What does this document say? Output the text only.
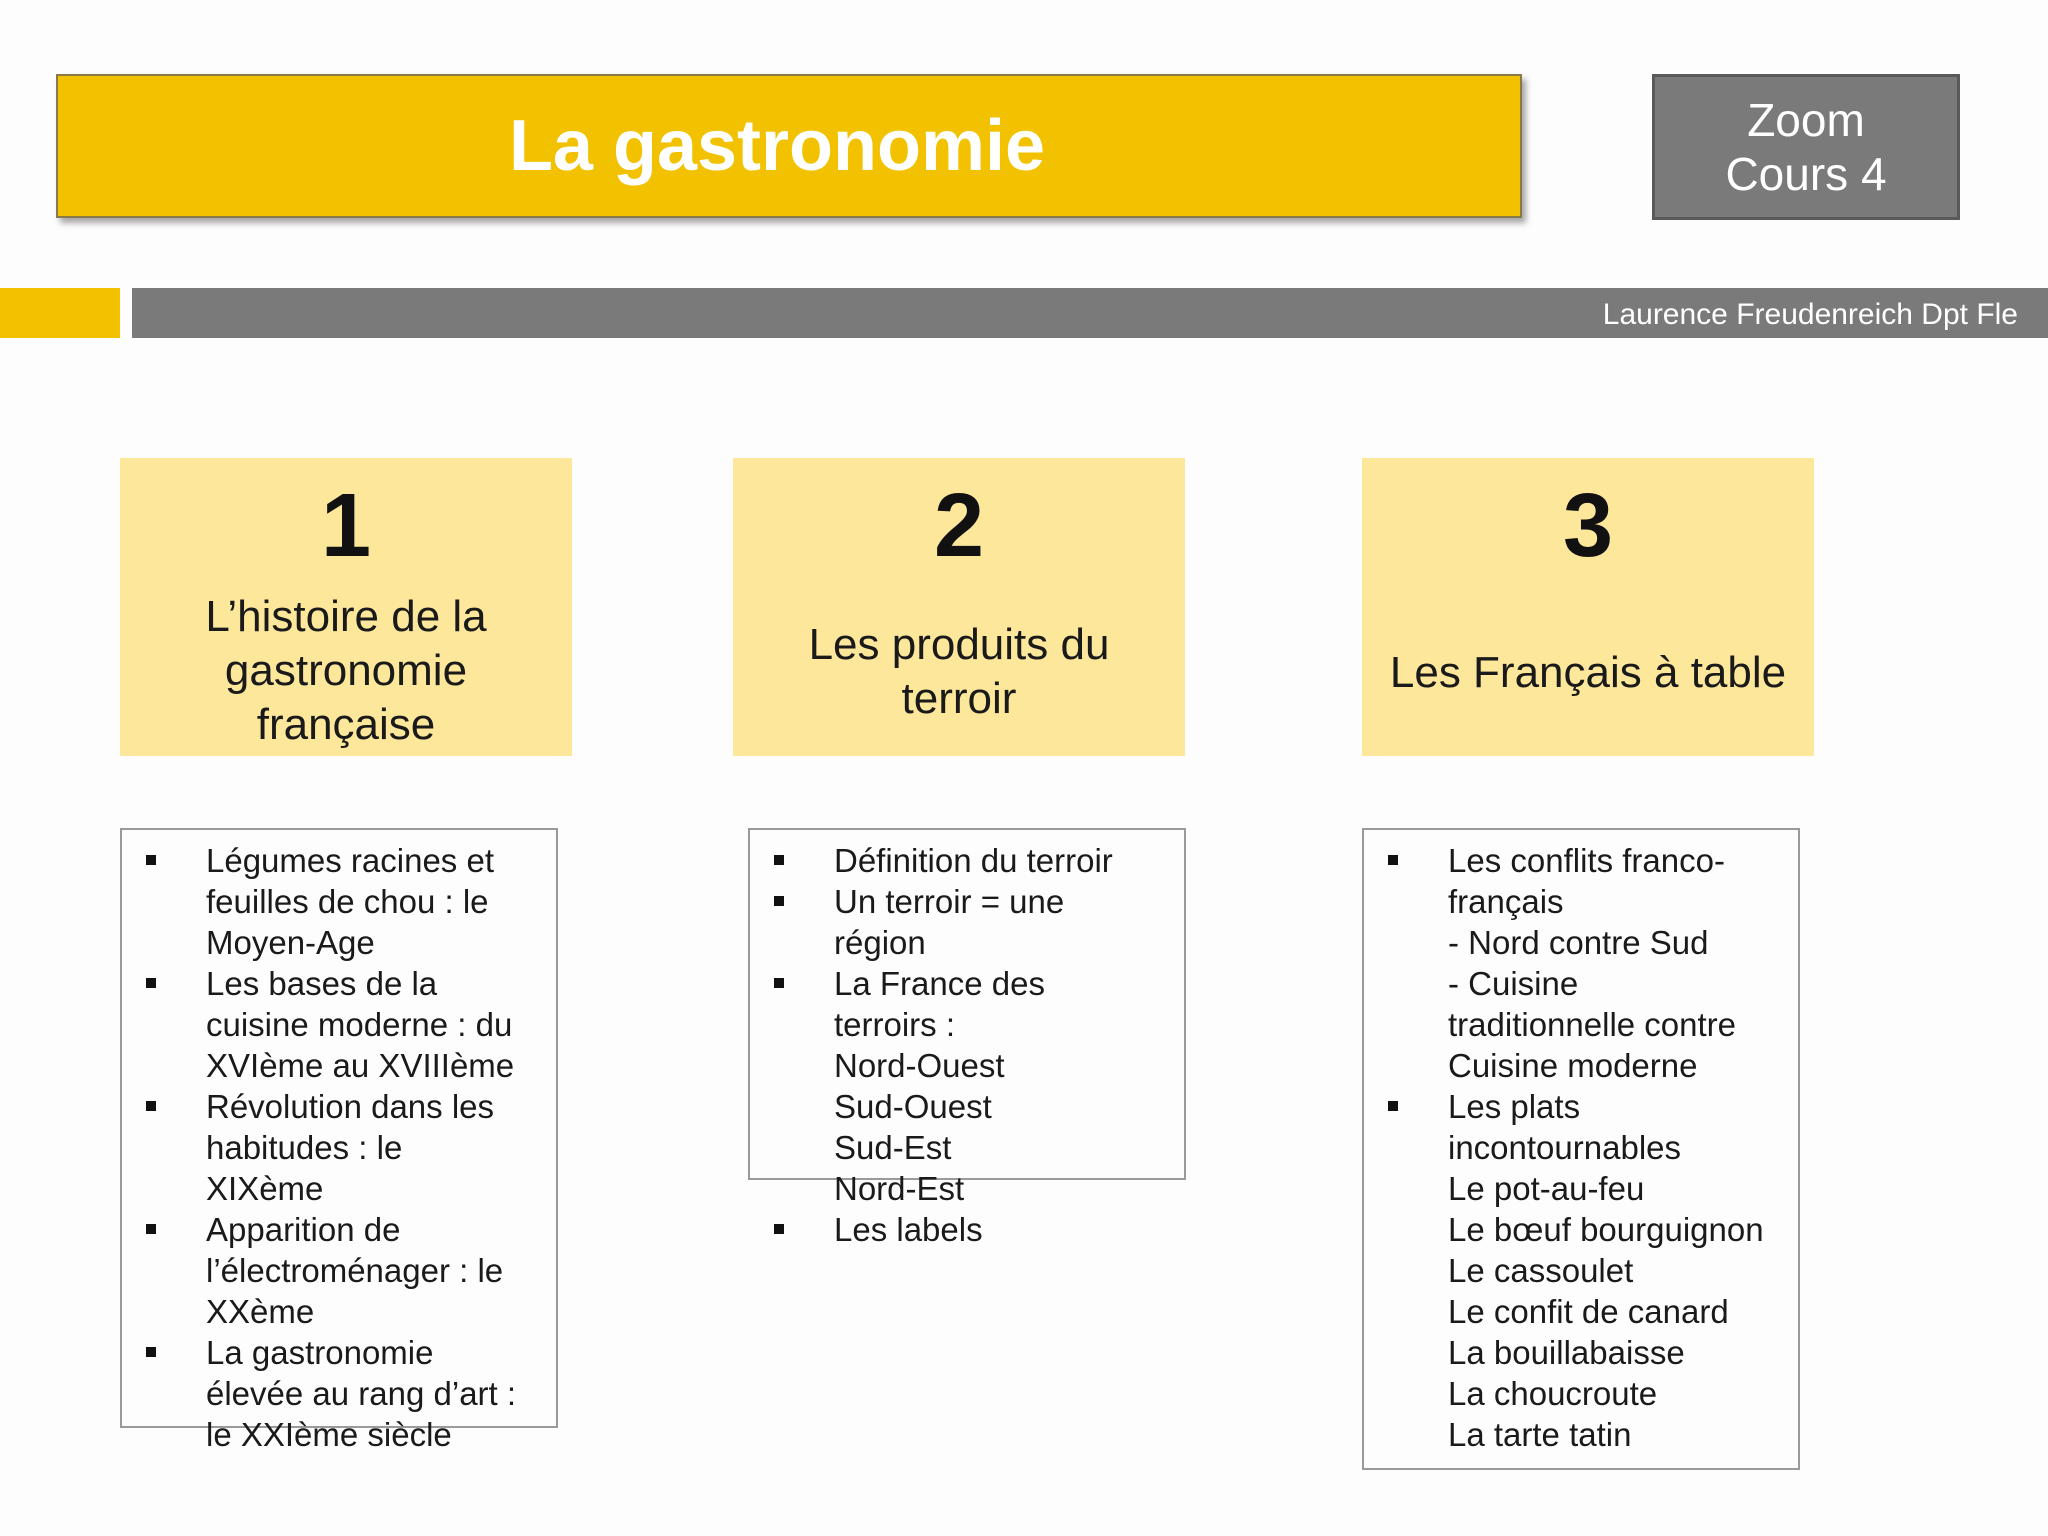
La gastronomie	Zoom
Cours 4
Laurence Freudenreich Dpt Fle
1
L’histoire de la
gastronomie
française
2
Les produits du
terroir
3
Les Français à table
Légumes racines et
feuilles de chou : le
Moyen-Age
Les bases de la
cuisine moderne : du
XVIème au XVIIIème
Révolution dans les
habitudes : le
XIXème
Apparition de
l’électroménager : le
XXème
La gastronomie
élevée au rang d’art :
le XXIème siècle
Définition du terroir
Un terroir = une
région
La France des
terroirs :
Nord-Ouest
Sud-Ouest
Sud-Est
Nord-Est
Les labels
Les conflits franco-
français
- Nord contre Sud
- Cuisine
traditionnelle contre
Cuisine moderne
Les plats
incontournables
Le pot-au-feu
Le bœuf bourguignon
Le cassoulet
Le confit de canard
La bouillabaisse
La choucroute
La tarte tatin
